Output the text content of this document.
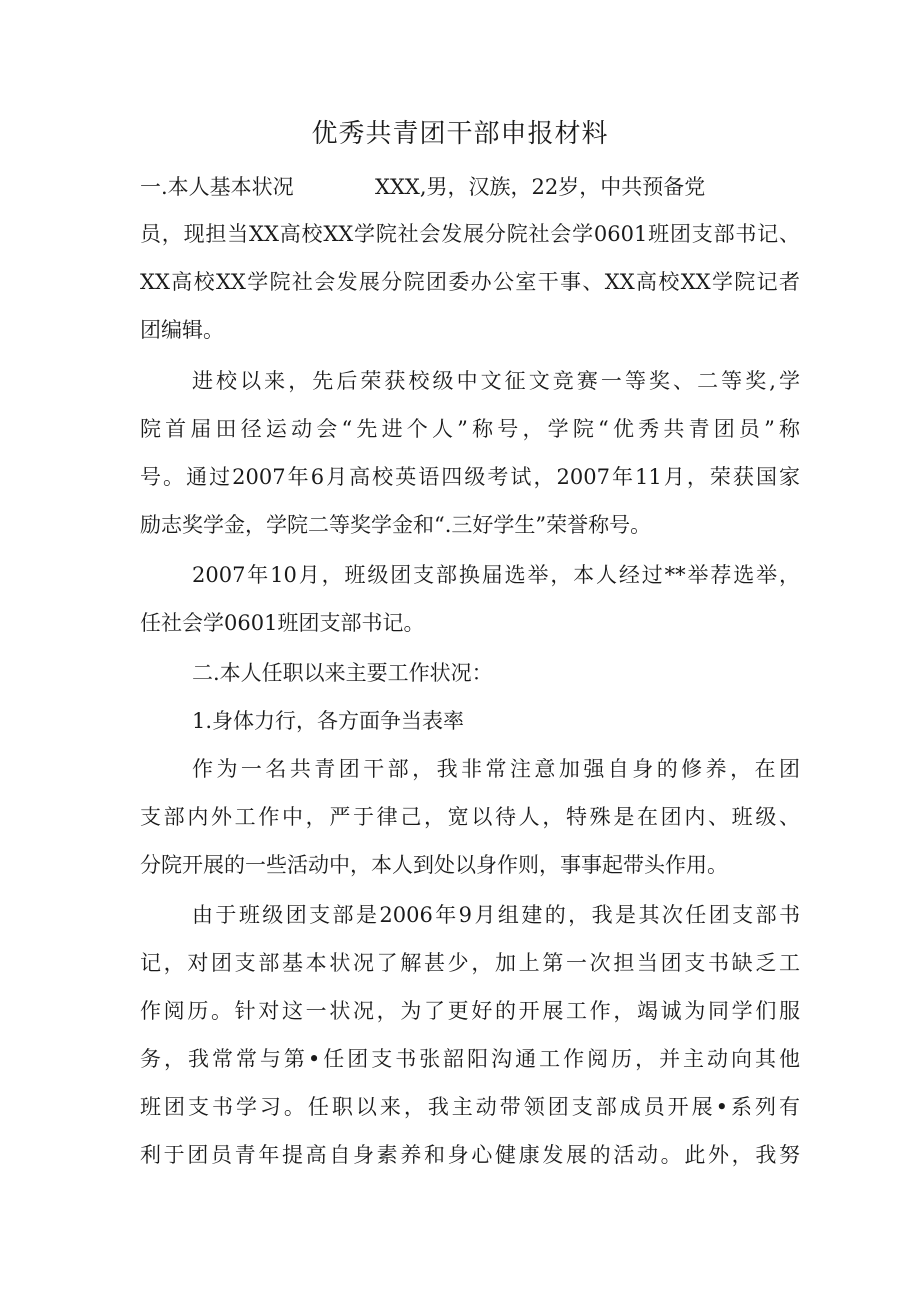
优秀共青团干部申报材料
一.本人基本状况	XXX,男，汉族，22岁，中共预备党
员，现担当XX高校XX学院社会发展分院社会学0601班团支部书记、
XX高校XX学院社会发展分院团委办公室干事、XX高校XX学院记者
团编辑。
进校以来，先后荣获校级中文征文竞赛一等奖、二等奖,学
院首届田径运动会“先进个人”称号，学院“优秀共青团员”称
号。通过2007年6月高校英语四级考试，2007年11月，荣获国家
励志奖学金，学院二等奖学金和“.三好学生”荣誉称号。
2007年10月，班级团支部换届选举，本人经过**举荐选举，
任社会学0601班团支部书记。
二.本人任职以来主要工作状况：
1.身体力行，各方面争当表率
作为一名共青团干部，我非常注意加强自身的修养，在团
支部内外工作中，严于律己，宽以待人，特殊是在团内、班级、
分院开展的一些活动中，本人到处以身作则，事事起带头作用。
由于班级团支部是2006年9月组建的，我是其次任团支部书
记，对团支部基本状况了解甚少，加上第一次担当团支书缺乏工
作阅历。针对这一状况，为了更好的开展工作，竭诚为同学们服
务，我常常与第•任团支书张韶阳沟通工作阅历，并主动向其他
班团支书学习。任职以来，我主动带领团支部成员开展•系列有
利于团员青年提高自身素养和身心健康发展的活动。此外，我努
